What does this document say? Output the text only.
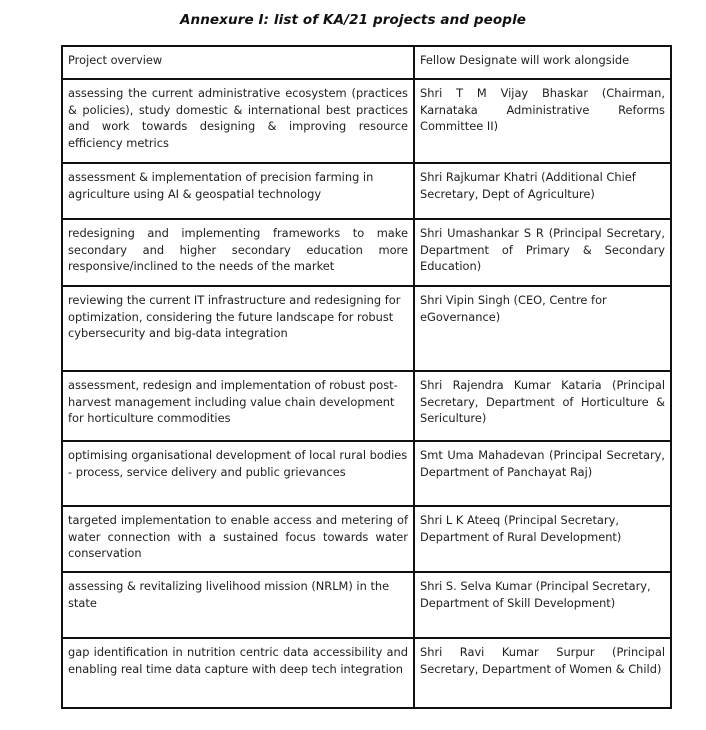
Annexure I: list of KA/21 projects and people
Project overview	Fellow Designate will work alongside
assessing the current administrative ecosystem (practices & policies), study domestic & international best practices and work towards designing & improving resource efficiency metrics	Shri T M Vijay Bhaskar (Chairman, Karnataka Administrative Reforms Committee II)
assessment & implementation of precision farming in agriculture using AI & geospatial technology	Shri Rajkumar Khatri (Additional Chief Secretary, Dept of Agriculture)
redesigning and implementing frameworks to make secondary and higher secondary education more responsive/inclined to the needs of the market	Shri Umashankar S R (Principal Secretary, Department of Primary & Secondary Education)
reviewing the current IT infrastructure and redesigning for optimization, considering the future landscape for robust cybersecurity and big-data integration	Shri Vipin Singh (CEO, Centre for eGovernance)
assessment, redesign and implementation of robust post-harvest management including value chain development for horticulture commodities	Shri Rajendra Kumar Kataria (Principal Secretary, Department of Horticulture & Sericulture)
optimising organisational development of local rural bodies - process, service delivery and public grievances	Smt Uma Mahadevan (Principal Secretary, Department of Panchayat Raj)
targeted implementation to enable access and metering of water connection with a sustained focus towards water conservation	Shri L K Ateeq (Principal Secretary, Department of Rural Development)
assessing & revitalizing livelihood mission (NRLM) in the state	Shri S. Selva Kumar (Principal Secretary, Department of Skill Development)
gap identification in nutrition centric data accessibility and enabling real time data capture with deep tech integration	Shri Ravi Kumar Surpur (Principal Secretary, Department of Women & Child)
